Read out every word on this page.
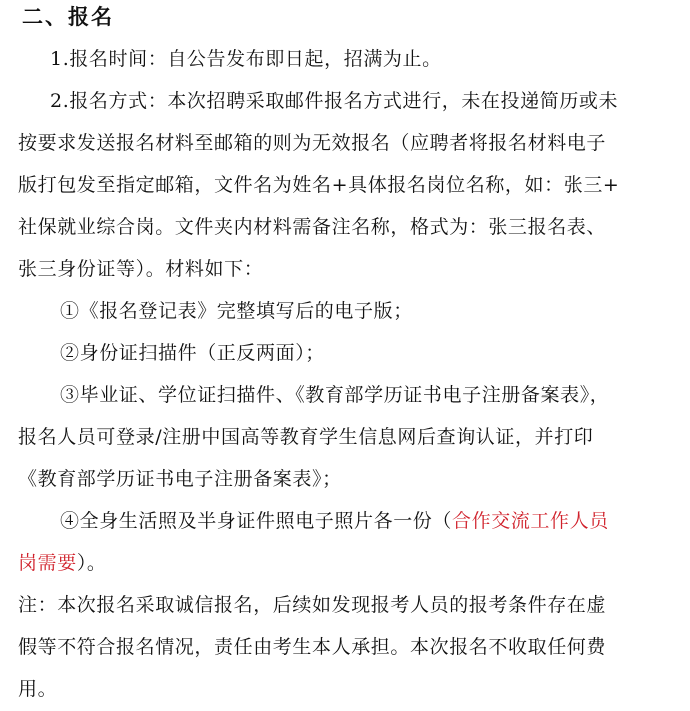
二、报名
1.报名时间：自公告发布即日起，招满为止。
2.报名方式：本次招聘采取邮件报名方式进行，未在投递简历或未
按要求发送报名材料至邮箱的则为无效报名（应聘者将报名材料电子
版打包发至指定邮箱，文件名为姓名+具体报名岗位名称，如：张三+
社保就业综合岗。文件夹内材料需备注名称，格式为：张三报名表、
张三身份证等）。材料如下：
①《报名登记表》完整填写后的电子版；
②身份证扫描件（正反两面）；
③毕业证、学位证扫描件、《教育部学历证书电子注册备案表》，
报名人员可登录/注册中国高等教育学生信息网后查询认证，并打印
《教育部学历证书电子注册备案表》；
④全身生活照及半身证件照电子照片各一份（合作交流工作人员
岗需要）。
注：本次报名采取诚信报名，后续如发现报考人员的报考条件存在虚
假等不符合报名情况，责任由考生本人承担。本次报名不收取任何费
用。
